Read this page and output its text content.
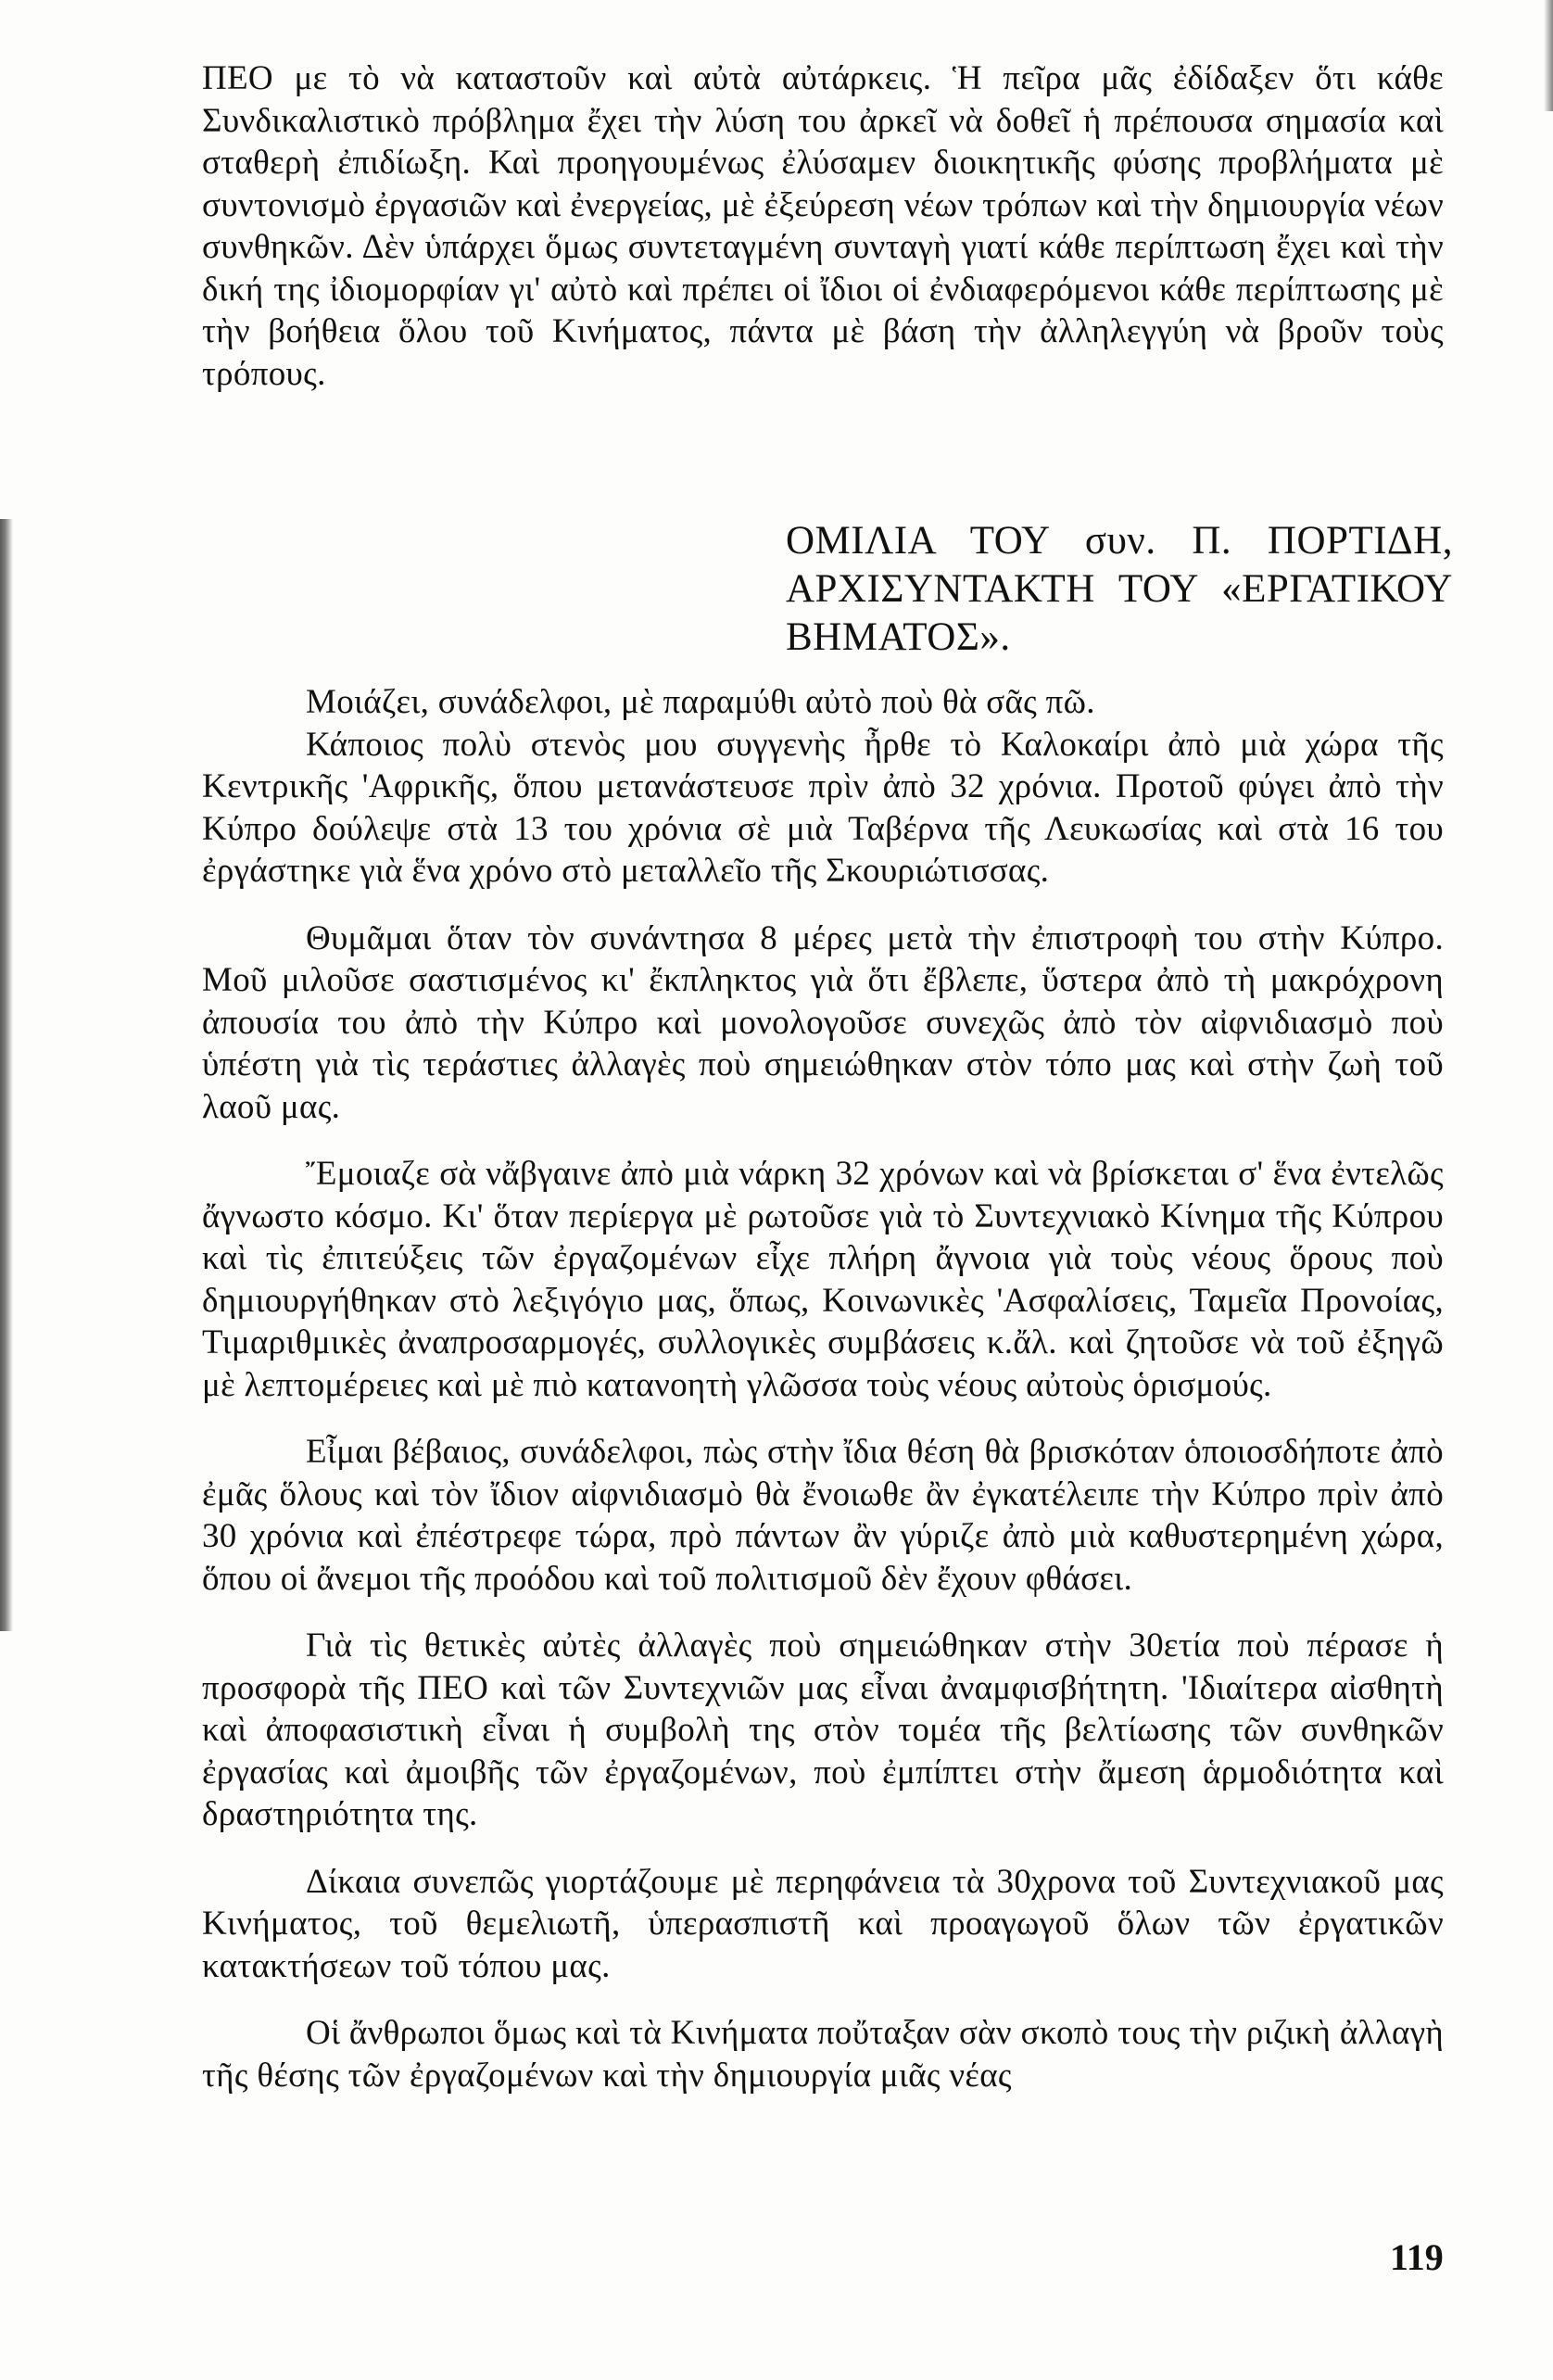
ΠΕΟ με τὸ νὰ καταστοῦν καὶ αὐτὰ αὐτάρκεις. Ἡ πεῖρα μᾶς ἐδίδαξεν ὅτι κάθε Συνδικαλιστικὸ πρόβλημα ἔχει τὴν λύση του ἀρκεῖ νὰ δοθεῖ ἡ πρέπουσα σημασία καὶ σταθερὴ ἐπιδίωξη. Καὶ προηγουμένως ἐλύσαμεν διοικητικῆς φύσης προβλήματα μὲ συντονισμὸ ἐργασιῶν καὶ ἐνεργείας, μὲ ἐξεύρεση νέων τρόπων καὶ τὴν δημιουργία νέων συνθηκῶν. Δὲν ὑπάρχει ὅμως συντεταγμένη συνταγὴ γιατί κάθε περίπτωση ἔχει καὶ τὴν δική της ἰδιομορφίαν γι' αὐτὸ καὶ πρέπει οἱ ἴδιοι οἱ ἐνδιαφερόμενοι κάθε περίπτωσης μὲ τὴν βοήθεια ὅλου τοῦ Κινήματος, πάντα μὲ βάση τὴν ἀλληλεγγύη νὰ βροῦν τοὺς τρόπους.

ΟΜΙΛΙΑ ΤΟΥ συν. Π. ΠΟΡΤΙΔΗ, ΑΡΧΙΣΥΝΤΑΚΤΗ ΤΟΥ «ΕΡΓΑΤΙΚΟΥ ΒΗΜΑΤΟΣ».

Μοιάζει, συνάδελφοι, μὲ παραμύθι αὐτὸ ποὺ θὰ σᾶς πῶ.

Κάποιος πολὺ στενὸς μου συγγενὴς ἦρθε τὸ Καλοκαίρι ἀπὸ μιὰ χώρα τῆς Κεντρικῆς 'Αφρικῆς, ὅπου μετανάστευσε πρὶν ἀπὸ 32 χρόνια. Προτοῦ φύγει ἀπὸ τὴν Κύπρο δούλεψε στὰ 13 του χρόνια σὲ μιὰ Ταβέρνα τῆς Λευκωσίας καὶ στὰ 16 του ἐργάστηκε γιὰ ἕνα χρόνο στὸ μεταλλεῖο τῆς Σκουριώτισσας.

Θυμᾶμαι ὅταν τὸν συνάντησα 8 μέρες μετὰ τὴν ἐπιστροφὴ του στὴν Κύπρο. Μοῦ μιλοῦσε σαστισμένος κι' ἔκπληκτος γιὰ ὅτι ἔβλεπε, ὕστερα ἀπὸ τὴ μακρόχρονη ἀπουσία του ἀπὸ τὴν Κύπρο καὶ μονολογοῦσε συνεχῶς ἀπὸ τὸν αἰφνιδιασμὸ ποὺ ὑπέστη γιὰ τὶς τεράστιες ἀλλαγὲς ποὺ σημειώθηκαν στὸν τόπο μας καὶ στὴν ζωὴ τοῦ λαοῦ μας.

Ἔμοιαζε σὰ νἄβγαινε ἀπὸ μιὰ νάρκη 32 χρόνων καὶ νὰ βρίσκεται σ' ἕνα ἐντελῶς ἄγνωστο κόσμο. Κι' ὅταν περίεργα μὲ ρωτοῦσε γιὰ τὸ Συντεχνιακὸ Κίνημα τῆς Κύπρου καὶ τὶς ἐπιτεύξεις τῶν ἐργαζομένων εἶχε πλήρη ἄγνοια γιὰ τοὺς νέους ὅρους ποὺ δημιουργήθηκαν στὸ λεξιγόγιο μας, ὅπως, Κοινωνικὲς 'Ασφαλίσεις, Ταμεῖα Προνοίας, Τιμαριθμικὲς ἀναπροσαρμογές, συλλογικὲς συμβάσεις κ.ἄλ. καὶ ζητοῦσε νὰ τοῦ ἐξηγῶ μὲ λεπτομέρειες καὶ μὲ πιὸ κατανοητὴ γλῶσσα τοὺς νέους αὐτοὺς ὁρισμούς.

Εἶμαι βέβαιος, συνάδελφοι, πὼς στὴν ἴδια θέση θὰ βρισκόταν ὁποιοσδήποτε ἀπὸ ἐμᾶς ὅλους καὶ τὸν ἴδιον αἰφνιδιασμὸ θὰ ἔνοιωθε ἂν ἐγκατέλειπε τὴν Κύπρο πρὶν ἀπὸ 30 χρόνια καὶ ἐπέστρεφε τώρα, πρὸ πάντων ἂν γύριζε ἀπὸ μιὰ καθυστερημένη χώρα, ὅπου οἱ ἄνεμοι τῆς προόδου καὶ τοῦ πολιτισμοῦ δὲν ἔχουν φθάσει.

Γιὰ τὶς θετικὲς αὐτὲς ἀλλαγὲς ποὺ σημειώθηκαν στὴν 30ετία ποὺ πέρασε ἡ προσφορὰ τῆς ΠΕΟ καὶ τῶν Συντεχνιῶν μας εἶναι ἀναμφισβήτητη. 'Ιδιαίτερα αἰσθητὴ καὶ ἀποφασιστικὴ εἶναι ἡ συμβολὴ της στὸν τομέα τῆς βελτίωσης τῶν συνθηκῶν ἐργασίας καὶ ἀμοιβῆς τῶν ἐργαζομένων, ποὺ ἐμπίπτει στὴν ἄμεση ἁρμοδιότητα καὶ δραστηριότητα της.

Δίκαια συνεπῶς γιορτάζουμε μὲ περηφάνεια τὰ 30χρονα τοῦ Συντεχνιακοῦ μας Κινήματος, τοῦ θεμελιωτῆ, ὑπερασπιστῆ καὶ προαγωγοῦ ὅλων τῶν ἐργατικῶν κατακτήσεων τοῦ τόπου μας.

Οἱ ἄνθρωποι ὅμως καὶ τὰ Κινήματα ποὔταξαν σὰν σκοπὸ τους τὴν ριζικὴ ἀλλαγὴ τῆς θέσης τῶν ἐργαζομένων καὶ τὴν δημιουργία μιᾶς νέας

119
